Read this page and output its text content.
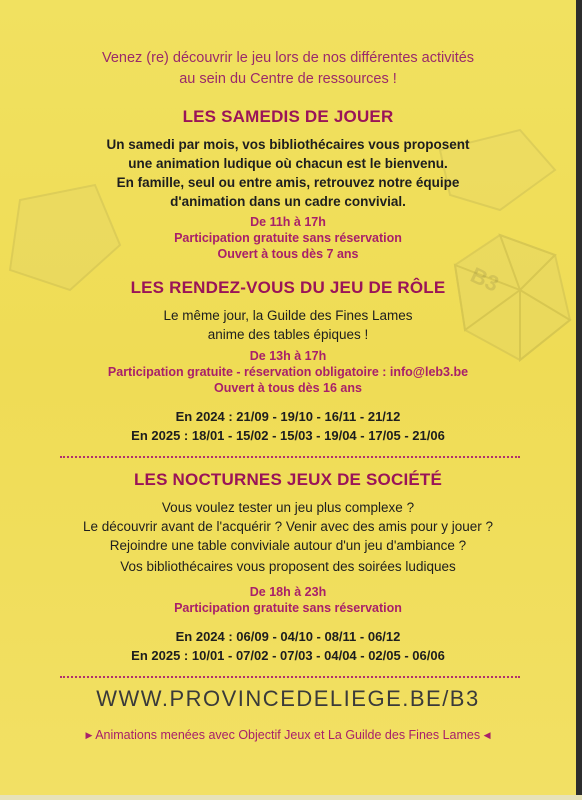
B3
Venez (re) découvrir le jeu lors de nos différentes activités
au sein du Centre de ressources !
LES SAMEDIS DE JOUER
Un samedi par mois, vos bibliothécaires vous proposent
une animation ludique où chacun est le bienvenu.
En famille, seul ou entre amis, retrouvez notre équipe
d'animation dans un cadre convivial.
De 11h à 17h
Participation gratuite sans réservation
Ouvert à tous dès 7 ans
LES RENDEZ-VOUS DU JEU DE RÔLE
Le même jour, la Guilde des Fines Lames
anime des tables épiques !
De 13h à 17h
Participation gratuite - réservation obligatoire : info@leb3.be
Ouvert à tous dès 16 ans
En 2024 : 21/09 - 19/10 - 16/11 - 21/12
En 2025 : 18/01 - 15/02 - 15/03 - 19/04 - 17/05 - 21/06
LES NOCTURNES JEUX DE SOCIÉTÉ
Vous voulez tester un jeu plus complexe ?
Le découvrir avant de l'acquérir ? Venir avec des amis pour y jouer ?
Rejoindre une table conviviale autour d'un jeu d'ambiance ?
Vos bibliothécaires vous proposent des soirées ludiques
De 18h à 23h
Participation gratuite sans réservation
En 2024 : 06/09 - 04/10 - 08/11 - 06/12
En 2025 : 10/01 - 07/02 - 07/03 - 04/04 - 02/05 - 06/06
WWW.PROVINCEDELIEGE.BE/B3
▶ Animations menées avec Objectif Jeux et La Guilde des Fines Lames ◀
